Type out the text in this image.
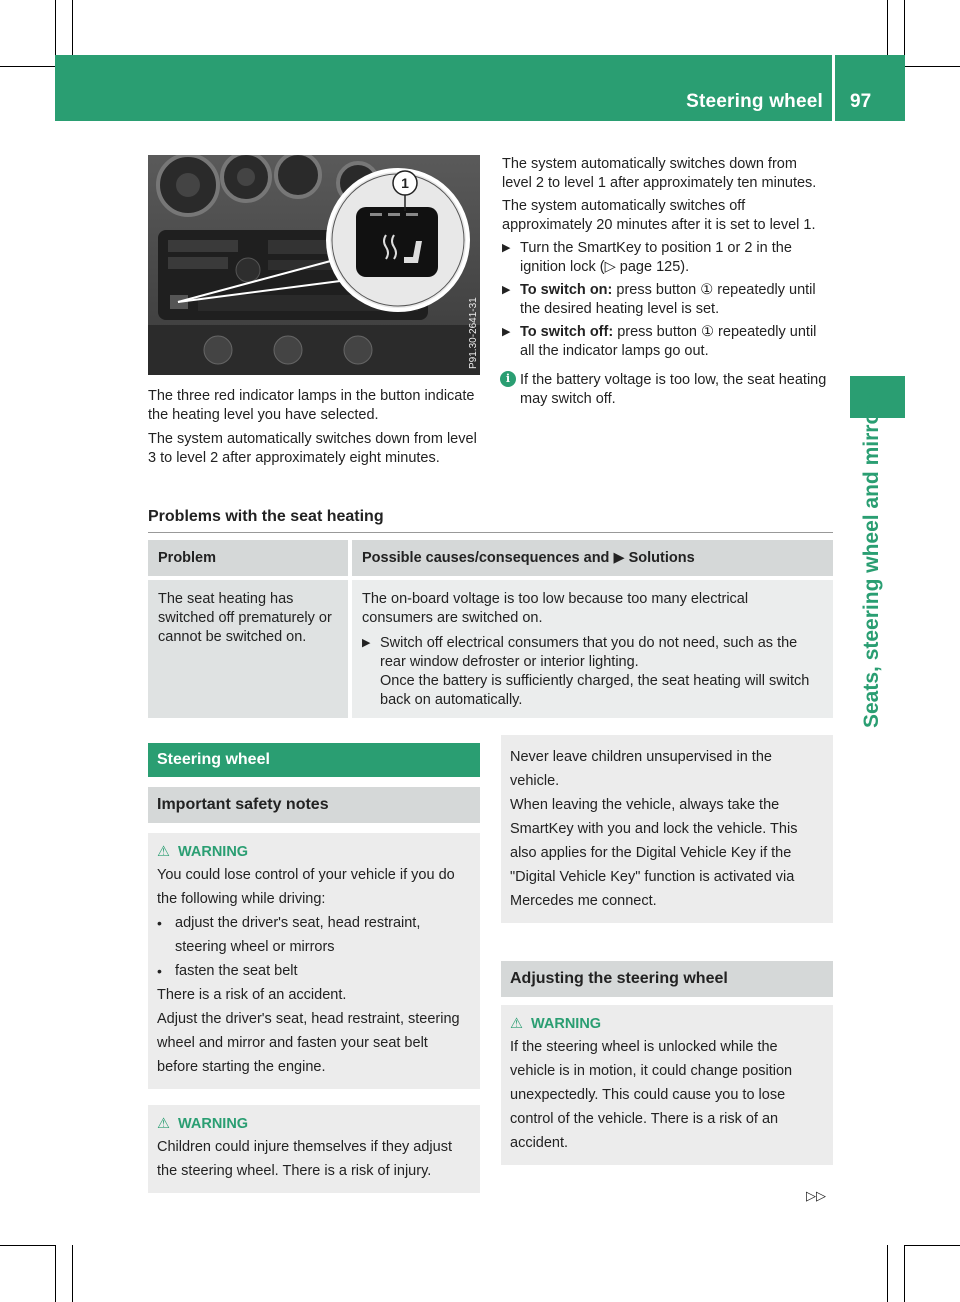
Steering wheel 97
Seats, steering wheel and mirrors
1
P91.30-2641-31

The three red indicator lamps in the button indicate the heating level you have selected.

The system automatically switches down from level 3 to level 2 after approximately eight minutes.

The system automatically switches down from level 2 to level 1 after approximately ten minutes.

The system automatically switches off approximately 20 minutes after it is set to level 1.

▶ Turn the SmartKey to position 1 or 2 in the ignition lock (▷ page 125).

▶ To switch on: press button ① repeatedly until the desired heating level is set.

▶ To switch off: press button ① repeatedly until all the indicator lamps go out.

i If the battery voltage is too low, the seat heating may switch off.

Problems with the seat heating
Problem	Possible causes/consequences and ▶ Solutions

The seat heating has switched off prematurely or cannot be switched on.	The on-board voltage is too low because too many electrical consumers are switched on.

▶ Switch off electrical consumers that you do not need, such as the rear window defroster or interior lighting.
Once the battery is sufficiently charged, the seat heating will switch back on automatically.

Steering wheel
Important safety notes
⚠ WARNING

You could lose control of your vehicle if you do the following while driving:

• adjust the driver's seat, head restraint, steering wheel or mirrors

• fasten the seat belt

There is a risk of an accident.

Adjust the driver's seat, head restraint, steering wheel and mirror and fasten your seat belt before starting the engine.

⚠ WARNING

Children could injure themselves if they adjust the steering wheel. There is a risk of injury.

Never leave children unsupervised in the vehicle.

When leaving the vehicle, always take the SmartKey with you and lock the vehicle. This also applies for the Digital Vehicle Key if the "Digital Vehicle Key" function is activated via Mercedes me connect.

Adjusting the steering wheel
⚠ WARNING

If the steering wheel is unlocked while the vehicle is in motion, it could change position unexpectedly. This could cause you to lose control of the vehicle. There is a risk of an accident.

▷▷
